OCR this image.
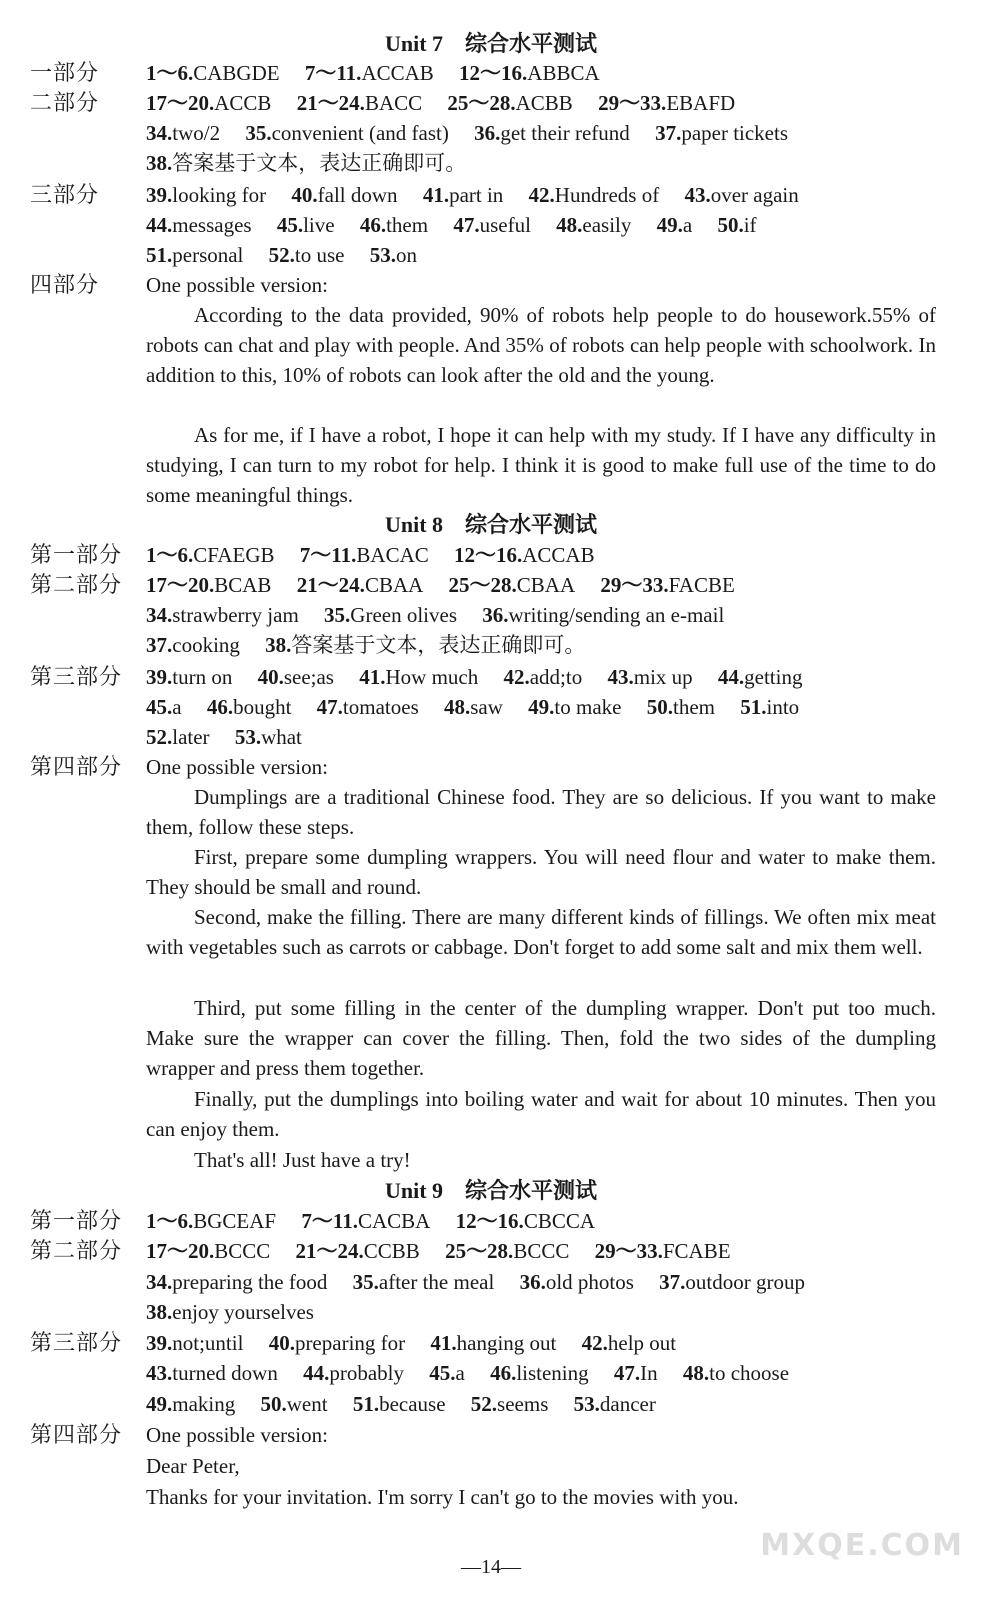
Unit 7 综合水平测试
一部分	1～6.CABGDE 7～11.ACCAB 12～16.ABBCA
二部分	17～20.ACCB 21～24.BACC 25～28.ACBB 29～33.EBAFD
34.two/2 35.convenient (and fast) 36.get their refund 37.paper tickets
38.答案基于文本，表达正确即可。
三部分	39.looking for 40.fall down 41.part in 42.Hundreds of 43.over again
44.messages 45.live 46.them 47.useful 48.easily 49.a 50.if
51.personal 52.to use 53.on
四部分	One possible version:
According to the data provided, 90% of robots help people to do housework.55% of robots can chat and play with people. And 35% of robots can help people with schoolwork. In addition to this, 10% of robots can look after the old and the young.
As for me, if I have a robot, I hope it can help with my study. If I have any difficulty in studying, I can turn to my robot for help. I think it is good to make full use of the time to do some meaningful things.
Unit 8 综合水平测试
第一部分	1～6.CFAEGB 7～11.BACAC 12～16.ACCAB
第二部分	17～20.BCAB 21～24.CBAA 25～28.CBAA 29～33.FACBE
34.strawberry jam 35.Green olives 36.writing/sending an e-mail
37.cooking 38.答案基于文本，表达正确即可。
第三部分	39.turn on 40.see;as 41.How much 42.add;to 43.mix up 44.getting
45.a 46.bought 47.tomatoes 48.saw 49.to make 50.them 51.into
52.later 53.what
第四部分	One possible version:
Dumplings are a traditional Chinese food. They are so delicious. If you want to make them, follow these steps.
First, prepare some dumpling wrappers. You will need flour and water to make them. They should be small and round.
Second, make the filling. There are many different kinds of fillings. We often mix meat with vegetables such as carrots or cabbage. Don't forget to add some salt and mix them well.
Third, put some filling in the center of the dumpling wrapper. Don't put too much. Make sure the wrapper can cover the filling. Then, fold the two sides of the dumpling wrapper and press them together.
Finally, put the dumplings into boiling water and wait for about 10 minutes. Then you can enjoy them.
That's all! Just have a try!
Unit 9 综合水平测试
第一部分	1～6.BGCEAF 7～11.CACBA 12～16.CBCCA
第二部分	17～20.BCCC 21～24.CCBB 25～28.BCCC 29～33.FCABE
34.preparing the food 35.after the meal 36.old photos 37.outdoor group
38.enjoy yourselves
第三部分	39.not;until 40.preparing for 41.hanging out 42.help out
43.turned down 44.probably 45.a 46.listening 47.In 48.to choose
49.making 50.went 51.because 52.seems 53.dancer
第四部分	One possible version:
Dear Peter,
Thanks for your invitation. I'm sorry I can't go to the movies with you.
—14—
MXQE.COM
